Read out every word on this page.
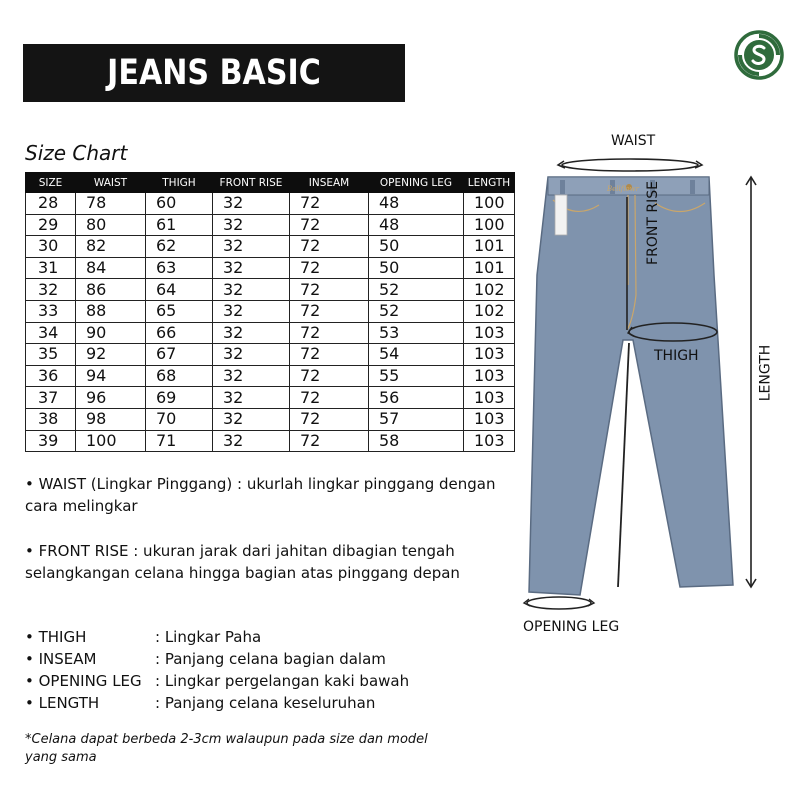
JEANS BASIC LOOSE
Size Chart
SIZE	WAIST	THIGH	FRONT RISE	INSEAM	OPENING LEG	LENGTH
28	78	60	32	72	48	100
29	80	61	32	72	48	100
30	82	62	32	72	50	101
31	84	63	32	72	50	101
32	86	64	32	72	52	102
33	88	65	32	72	52	102
34	90	66	32	72	53	103
35	92	67	32	72	54	103
36	94	68	32	72	55	103
37	96	69	32	72	56	103
38	98	70	32	72	57	103
39	100	71	32	72	58	103
• WAIST (Lingkar Pinggang) : ukurlah lingkar pinggang dengan cara melingkar
• FRONT RISE : ukuran jarak dari jahitan dibagian tengah selangkangan celana hingga bagian atas pinggang depan
• THIGH	: Lingkar Paha
• INSEAM	: Panjang celana bagian dalam
• OPENING LEG : Lingkar pergelangan kaki bawah
• LENGTH	: Panjang celana keseluruhan
*Celana dapat berbeda 2-3cm walaupun pada size dan model yang sama
Bellflowr
WAIST
FRONT RISE
THIGH	LENGTH
OPENING LEG
